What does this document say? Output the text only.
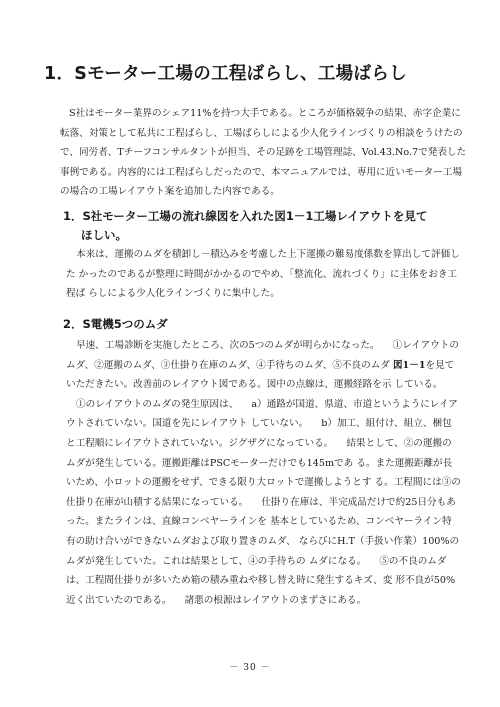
1．Sモーター工場の工程ばらし、工場ばらし
S社はモーター業界のシェア11%を持つ大手である。ところが価格競争の結果、赤字企業に
転落、対策として私共に工程ばらし、工場ばらしによる少人化ラインづくりの相談をうけたの
で、同労者、Tチーフコンサルタントが担当、その足跡を工場管理誌、Vol.43.No.7で発表した
事例である。内容的には工程ばらしだったので、本マニュアルでは、専用に近いモーター工場
の場合の工場レイアウト案を追加した内容である。
1．S社モーター工場の流れ線図を入れた図1－1工場レイアウトを見て
ほしい。
本来は、運搬のムダを積卸し－積込みを考慮した上下運搬の難易度係数を算出して評価した かったのであるが整理に時間がかかるのでやめ、「整流化、流れづくり」に主体をおき工程ば らしによる少人化ラインづくりに集中した。
2．S電機5つのムダ
早速、工場診断を実施したところ、次の5つのムダが明らかになった。 ①レイアウトのムダ、②運搬のムダ、③仕掛り在庫のムダ、④手待ちのムダ、⑤不良のムダ 図1－1を見ていただきたい。改善前のレイアウト図である。図中の点線は、運搬経路を示 している。 ①のレイアウトのムダの発生原因は、 a）通路が国道、県道、市道というようにレイアウトされていない。国道を先にレイアウト していない。 b）加工、組付け、組立、梱包と工程順にレイアウトされていない。ジグザグになっている。 結果として、②の運搬のムダが発生している。運搬距離はPSCモーターだけでも145mであ る。また運搬距離が長いため、小ロットの運搬をせず、できる限り大ロットで運搬しようとす る。工程間には③の仕掛り在庫が山積する結果になっている。 仕掛り在庫は、半完成品だけで約25日分もあった。またラインは、直線コンベヤーラインを 基本としているため、コンベヤーライン特有の助け合いができないムダおよび取り置きのムダ、 ならびにH.T（手扱い作業）100%のムダが発生していた。これは結果として、④の手待ちの ムダになる。 ⑤の不良のムダは、工程間仕掛りが多いため箱の積み重ねや移し替え時に発生するキズ、変 形不良が50%近く出ていたのである。 諸悪の根源はレイアウトのまずさにある。
－ 30 －
